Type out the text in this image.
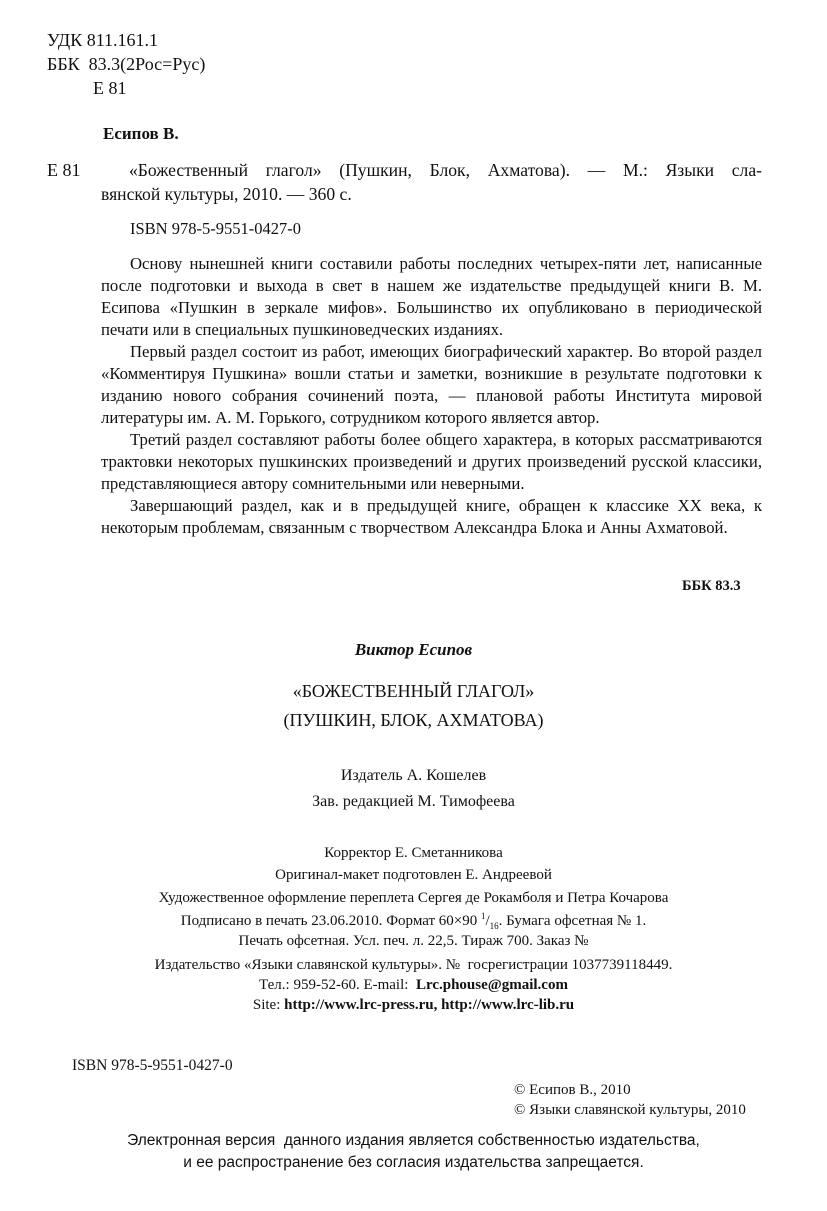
УДК 811.161.1
ББК  83.3(2Рос=Рус)
Е 81
Есипов В.
Е 81	«Божественный глагол» (Пушкин, Блок, Ахматова). — М.: Языки сла-
вянской культуры, 2010. — 360 с.
ISBN 978-5-9551-0427-0

Основу нынешней книги составили работы последних четырех-пяти лет, написанные после подготовки и выхода в свет в нашем же издательстве предыдущей книги В. М. Есипова «Пушкин в зеркале мифов». Большинство их опубликовано в периодической печати или в специальных пушкиноведческих изданиях.

Первый раздел состоит из работ, имеющих биографический характер. Во второй раздел «Комментируя Пушкина» вошли статьи и заметки, возникшие в результате подготовки к изданию нового собрания сочинений поэта, — плановой работы Института мировой литературы им. А. М. Горького, сотрудником которого является автор.

Третий раздел составляют работы более общего характера, в которых рассматриваются трактовки некоторых пушкинских произведений и других произведений русской классики, представляющиеся автору сомнительными или неверными.

Завершающий раздел, как и в предыдущей книге, обращен к классике XX века, к некоторым проблемам, связанным с творчеством Александра Блока и Анны Ахматовой.

ББК 83.3
Виктор Есипов
«БОЖЕСТВЕННЫЙ ГЛАГОЛ»
(ПУШКИН, БЛОК, АХМАТОВА)
Издатель А. Кошелев
Зав. редакцией М. Тимофеева
Корректор Е. Сметанникова
Оригинал-макет подготовлен Е. Андреевой
Художественное оформление переплета Сергея де Рокамболя и Петра Кочарова
Подписано в печать 23.06.2010. Формат 60×90 $^1/_{16}$. Бумага офсетная № 1.
Печать офсетная. Усл. печ. л. 22,5. Тираж 700. Заказ №
Издательство «Языки славянской культуры». №  госрегистрации 1037739118449.
Тел.: 959-52-60. E-mail:  Lrc.phouse@gmail.com
Site: http://www.lrc-press.ru, http://www.lrc-lib.ru
ISBN 978-5-9551-0427-0
© Есипов В., 2010
© Языки славянской культуры, 2010
Электронная версия  данного издания является собственностью издательства,
и ее распространение без согласия издательства запрещается.
